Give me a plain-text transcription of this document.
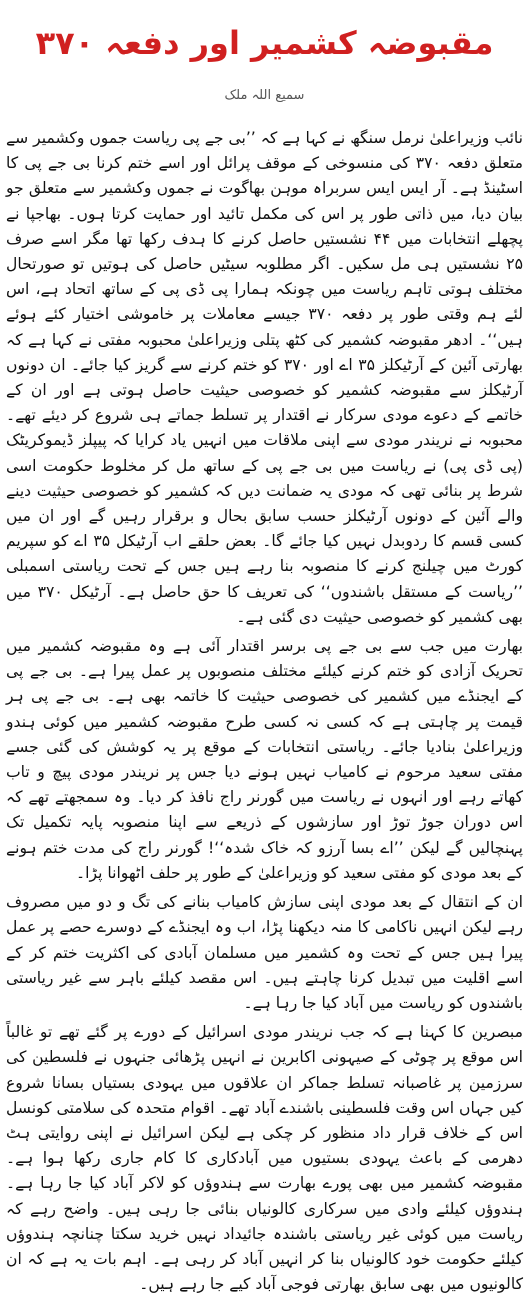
مقبوضہ کشمیر اور دفعہ ۳۷۰
سمیع اللہ ملک

نائب وزیراعلیٰ نرمل سنگھ نے کہا ہے کہ ’’بی جے پی ریاست جموں وکشمیر سے متعلق دفعہ ۳۷۰ کی منسوخی کے موقف پرائل اور اسے ختم کرنا بی جے پی کا اسٹینڈ ہے۔ آر ایس ایس سربراہ موہن بھاگوت نے جموں وکشمیر سے متعلق جو بیان دیا، میں ذاتی طور پر اس کی مکمل تائید اور حمایت کرتا ہوں۔ بھاجپا نے پچھلے انتخابات میں ۴۴ نشستیں حاصل کرنے کا ہدف رکھا تھا مگر اسے صرف ۲۵ نشستیں ہی مل سکیں۔ اگر مطلوبہ سیٹیں حاصل کی ہوتیں تو صورتحال مختلف ہوتی تاہم ریاست میں چونکہ ہمارا پی ڈی پی کے ساتھ اتحاد ہے، اس لئے ہم وقتی طور پر دفعہ ۳۷۰ جیسے معاملات پر خاموشی اختیار کئے ہوئے ہیں‘‘۔ ادھر مقبوضہ کشمیر کی کٹھ پتلی وزیراعلیٰ محبوبہ مفتی نے کہا ہے کہ بھارتی آئین کے آرٹیکلز ۳۵ اے اور ۳۷۰ کو ختم کرنے سے گریز کیا جائے۔ ان دونوں آرٹیکلز سے مقبوضہ کشمیر کو خصوصی حیثیت حاصل ہوتی ہے اور ان کے خاتمے کے دعوے مودی سرکار نے اقتدار پر تسلط جماتے ہی شروع کر دیئے تھے۔ محبوبہ نے نریندر مودی سے اپنی ملاقات میں انہیں یاد کرایا کہ پیپلز ڈیموکریٹک (پی ڈی پی) نے ریاست میں بی جے پی کے ساتھ مل کر مخلوط حکومت اسی شرط پر بنائی تھی کہ مودی یہ ضمانت دیں کہ کشمیر کو خصوصی حیثیت دینے والے آئین کے دونوں آرٹیکلز حسب سابق بحال و برقرار رہیں گے اور ان میں کسی قسم کا ردوبدل نہیں کیا جائے گا۔ بعض حلقے اب آرٹیکل ۳۵ اے کو سپریم کورٹ میں چیلنج کرنے کا منصوبہ بنا رہے ہیں جس کے تحت ریاستی اسمبلی ’’ریاست کے مستقل باشندوں‘‘ کی تعریف کا حق حاصل ہے۔ آرٹیکل ۳۷۰ میں بھی کشمیر کو خصوصی حیثیت دی گئی ہے۔

بھارت میں جب سے بی جے پی برسر اقتدار آئی ہے وہ مقبوضہ کشمیر میں تحریک آزادی کو ختم کرنے کیلئے مختلف منصوبوں پر عمل پیرا ہے۔ بی جے پی کے ایجنڈے میں کشمیر کی خصوصی حیثیت کا خاتمہ بھی ہے۔ بی جے پی ہر قیمت پر چاہتی ہے کہ کسی نہ کسی طرح مقبوضہ کشمیر میں کوئی ہندو وزیراعلیٰ بنادیا جائے۔ ریاستی انتخابات کے موقع پر یہ کوشش کی گئی جسے مفتی سعید مرحوم نے کامیاب نہیں ہونے دیا جس پر نریندر مودی پیچ و تاب کھاتے رہے اور انہوں نے ریاست میں گورنر راج نافذ کر دیا۔ وہ سمجھتے تھے کہ اس دوران جوڑ توڑ اور سازشوں کے ذریعے سے اپنا منصوبہ پایہ تکمیل تک پہنچالیں گے لیکن ’’اے بسا آرزو کہ خاک شدہ‘‘! گورنر راج کی مدت ختم ہونے کے بعد مودی کو مفتی سعید کو وزیراعلیٰ کے طور پر حلف اٹھوانا پڑا۔

ان کے انتقال کے بعد مودی اپنی سازش کامیاب بنانے کی تگ و دو میں مصروف رہے لیکن انہیں ناکامی کا منہ دیکھنا پڑا، اب وہ ایجنڈے کے دوسرے حصے پر عمل پیرا ہیں جس کے تحت وہ کشمیر میں مسلمان آبادی کی اکثریت ختم کر کے اسے اقلیت میں تبدیل کرنا چاہتے ہیں۔ اس مقصد کیلئے باہر سے غیر ریاستی باشندوں کو ریاست میں آباد کیا جا رہا ہے۔

مبصرین کا کہنا ہے کہ جب نریندر مودی اسرائیل کے دورے پر گئے تھے تو غالباً اس موقع پر چوٹی کے صیہونی اکابرین نے انہیں پڑھائی جنہوں نے فلسطین کی سرزمین پر غاصبانہ تسلط جماکر ان علاقوں میں یہودی بستیاں بسانا شروع کیں جہاں اس وقت فلسطینی باشندے آباد تھے۔ اقوام متحدہ کی سلامتی کونسل اس کے خلاف قرار داد منظور کر چکی ہے لیکن اسرائیل نے اپنی روایتی ہٹ دھرمی کے باعث یہودی بستیوں میں آبادکاری کا کام جاری رکھا ہوا ہے۔ مقبوضہ کشمیر میں بھی پورے بھارت سے ہندوؤں کو لاکر آباد کیا جا رہا ہے۔ ہندوؤں کیلئے وادی میں سرکاری کالونیاں بنائی جا رہی ہیں۔ واضح رہے کہ ریاست میں کوئی غیر ریاستی باشندہ جائیداد نہیں خرید سکتا چنانچہ ہندوؤں کیلئے حکومت خود کالونیاں بنا کر انہیں آباد کر رہی ہے۔ اہم بات یہ ہے کہ ان کالونیوں میں بھی سابق بھارتی فوجی آباد کیے جا رہے ہیں۔
